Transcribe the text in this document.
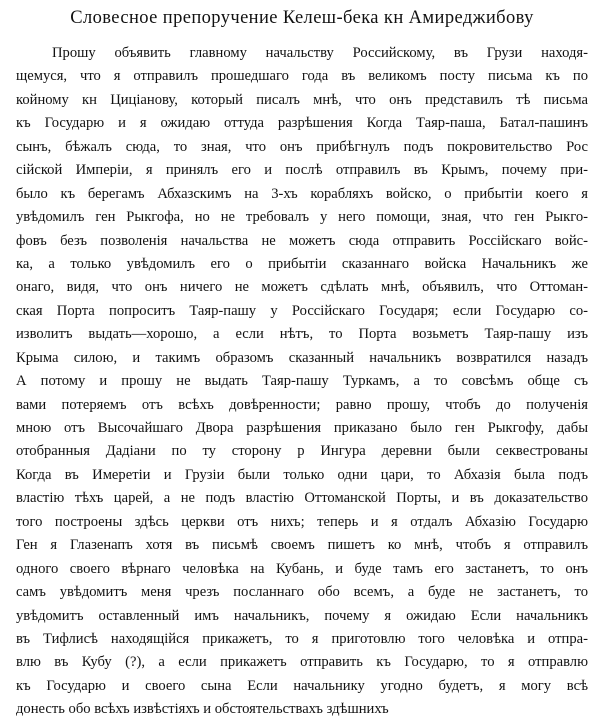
Словесное препоручение Келеш-бека кн Амиреджибову
Прошу объявить главному начальству Российскому, въ Грузи находя-
щемуся, что я отправилъ прошедшаго года въ великомъ посту письма къ по
койному кн Цицiанову, который писалъ мнѣ, что онъ представилъ тѣ письма
къ Государю и я ожидаю оттуда разрѣшения Когда Таяр-паша, Батал-пашинъ
сынъ, бѣжалъ сюда, то зная, что онъ прибѣгнулъ подъ покровительство Рос
сiйской Имперiи, я принялъ его и послѣ отправилъ въ Крымъ, почему при-
было къ берегамъ Абхазскимъ на 3-хъ корабляхъ войско, о прибытiи коего я
увѣдомилъ ген Рыкгофа, но не требовалъ у него помощи, зная, что ген Рыкго-
фовъ безъ позволенiя начальства не можетъ сюда отправить Россiйскаго войс-
ка, а только увѣдомилъ его о прибытiи сказаннаго войска Начальникъ же
онаго, видя, что онъ ничего не можетъ сдѣлать мнѣ, объявилъ, что Оттоман-
ская Порта попроситъ Таяр-пашу у Россiйскаго Государя; если Государю со-
изволитъ выдать—хорошо, а если нѣтъ, то Порта возьметъ Таяр-пашу изъ
Крыма силою, и такимъ образомъ сказанный начальникъ возвратился назадъ
А потому и прошу не выдать Таяр-пашу Туркамъ, а то совсѣмъ обще съ
вами потеряемъ отъ всѣхъ довѣренности; равно прошу, чтобъ до полученiя
мною отъ Высочайшаго Двора разрѣшения приказано было ген Рыкгофу, дабы
отобранныя Дадiани по ту сторону р Ингура деревни были секвестрованы
Когда въ Имеретiи и Грузiи были только одни цари, то Абхазiя была подъ
властiю тѣхъ царей, а не подъ властiю Оттоманской Порты, и въ доказательство
того построены здѣсь церкви отъ нихъ; теперь и я отдалъ Абхазiю Государю
Ген я Глазенапъ хотя въ письмѣ своемъ пишетъ ко мнѣ, чтобъ я отправилъ
одного своего вѣрнаго человѣка на Кубань, и буде тамъ его застанетъ, то онъ
самъ увѣдомитъ меня чрезъ посланнаго обо всемъ, а буде не застанетъ, то
увѣдомитъ оставленный имъ начальникъ, почему я ожидаю Если начальникъ
въ Тифлисѣ находящiйся прикажетъ, то я приготовлю того человѣка и отпра-
влю въ Кубу (?), а если прикажетъ отправить къ Государю, то я отправлю
къ Государю и своего сына Если начальнику угодно будетъ, я могу всѣ
донесть обо всѣхъ извѣстiяхъ и обстоятельствахъ здѣшнихъ
